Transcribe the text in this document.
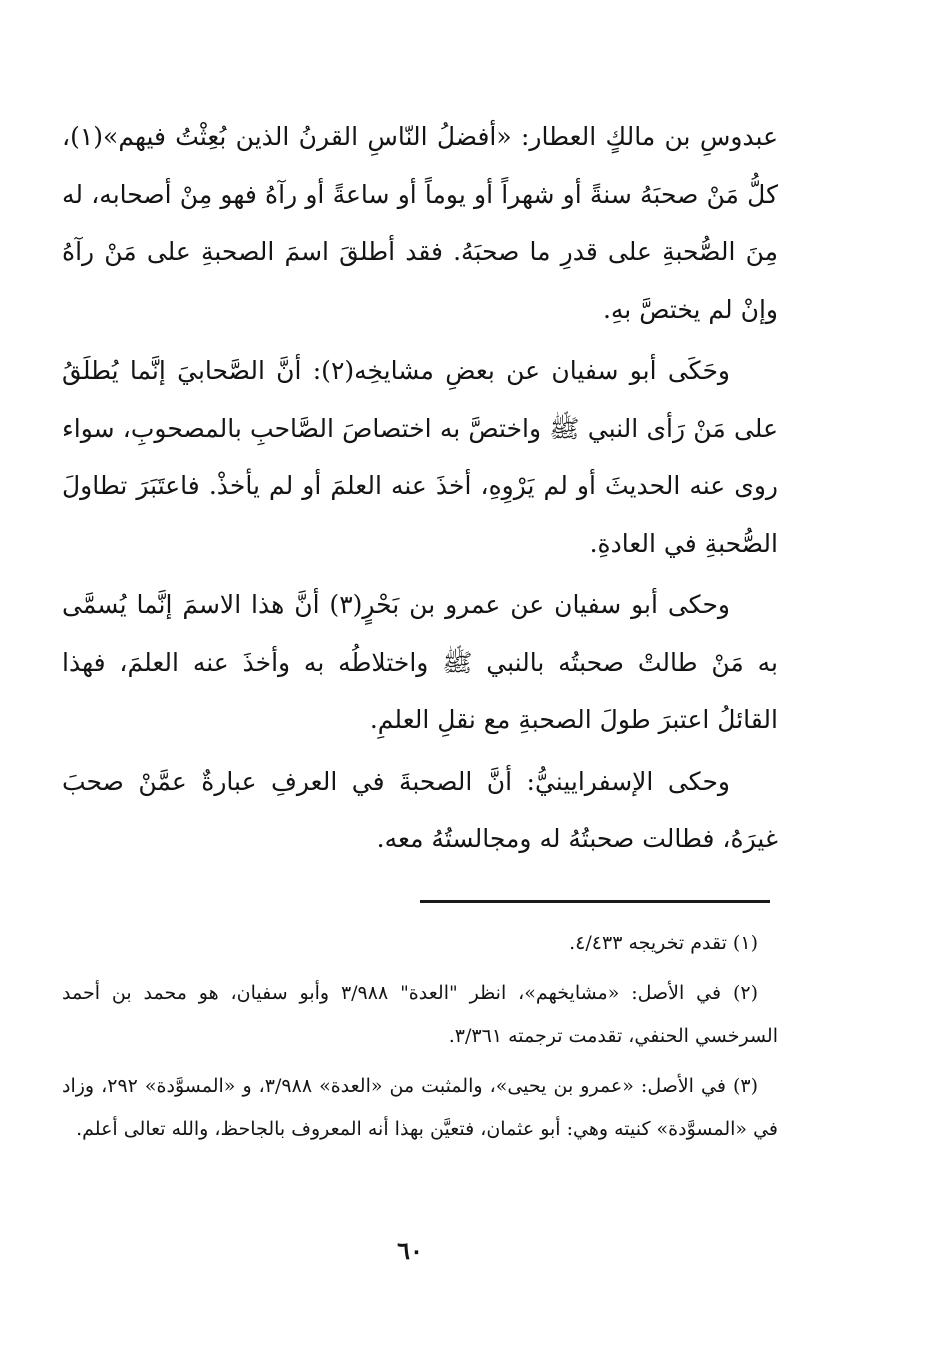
عبدوسِ بن مالكٍ العطار: «أفضلُ النّاسِ القرنُ الذين بُعِثْتُ فيهم»(١)، كلُّ مَنْ صحبَهُ سنةً أو شهراً أو يوماً أو ساعةً أو رآهُ فهو مِنْ أصحابه، له مِنَ الصُّحبةِ على قدرِ ما صحبَهُ. فقد أطلقَ اسمَ الصحبةِ على مَنْ رآهُ وإنْ لم يختصَّ بهِ.

وحَكَى أبو سفيان عن بعضِ مشايخِه(٢): أنَّ الصَّحابيَ إنَّما يُطلَقُ على مَنْ رَأى النبي ﷺ واختصَّ به اختصاصَ الصَّاحبِ بالمصحوبِ، سواء روى عنه الحديثَ أو لم يَرْوِهِ، أخذَ عنه العلمَ أو لم يأخذْ. فاعتَبَرَ تطاولَ الصُّحبةِ في العادةِ.

وحكى أبو سفيان عن عمرو بن بَحْرٍ(٣) أنَّ هذا الاسمَ إنَّما يُسمَّى به مَنْ طالتْ صحبتُه بالنبي ﷺ واختلاطُه به وأخذَ عنه العلمَ، فهذا القائلُ اعتبرَ طولَ الصحبةِ مع نقلِ العلمِ.

وحكى الإسفرايينيُّ: أنَّ الصحبةَ في العرفِ عبارةٌ عمَّنْ صحبَ غيرَهُ، فطالت صحبتُهُ له ومجالستُهُ معه.

(١) تقدم تخريجه ٤/٤٣٣.

(٢) في الأصل: «مشايخهم»، انظر "العدة" ٣/٩٨٨ وأبو سفيان، هو محمد بن أحمد السرخسي الحنفي، تقدمت ترجمته ٣/٣٦١.

(٣) في الأصل: «عمرو بن يحيى»، والمثبت من «العدة» ٣/٩٨٨، و «المسوَّدة» ٢٩٢، وزاد في «المسوَّدة» كنيته وهي: أبو عثمان، فتعيَّن بهذا أنه المعروف بالجاحظ، والله تعالى أعلم.

٦٠
